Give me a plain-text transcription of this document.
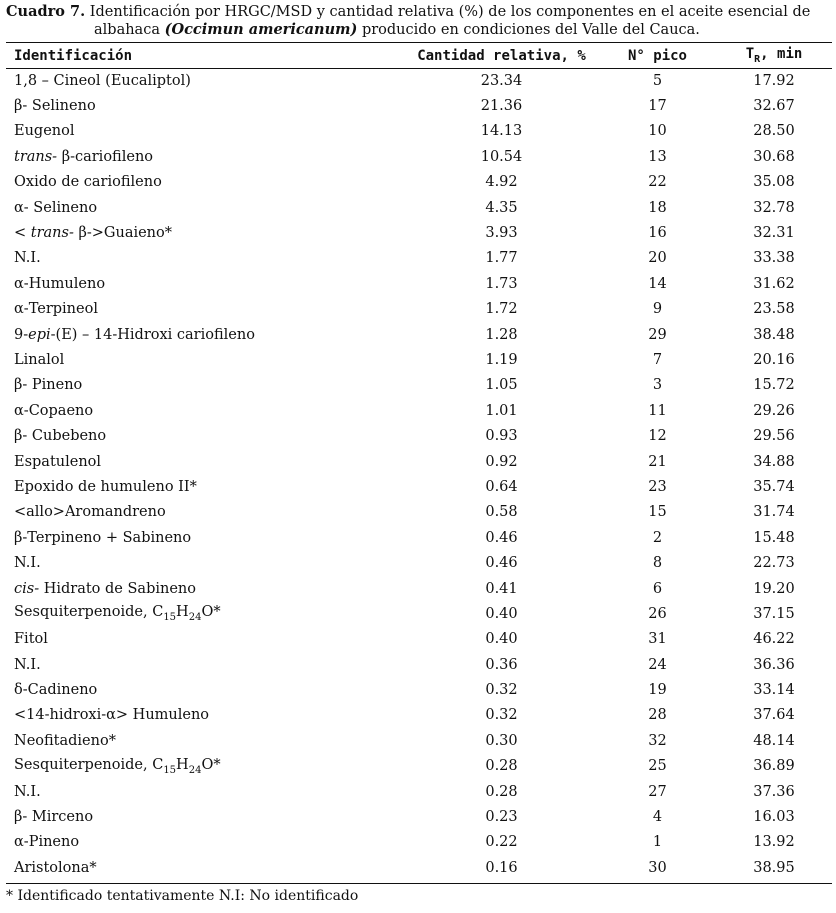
Cuadro 7. Identificación por HRGC/MSD y cantidad relativa (%) de los componentes en el aceite esencial de
albahaca (Occimun americanum) producido en condiciones del Valle del Cauca.
Identificación	Cantidad relativa, %	N° pico	$T_R$, min
1,8 – Cineol (Eucaliptol)	23.34	5	17.92
β- Selineno	21.36	17	32.67
Eugenol	14.13	10	28.50
trans- β-cariofileno	10.54	13	30.68
Oxido de cariofileno	4.92	22	35.08
α- Selineno	4.35	18	32.78
< trans- β->Guaieno*	3.93	16	32.31
N.I.	1.77	20	33.38
α-Humuleno	1.73	14	31.62
α-Terpineol	1.72	9	23.58
9-epi-(E) – 14-Hidroxi cariofileno	1.28	29	38.48
Linalol	1.19	7	20.16
β- Pineno	1.05	3	15.72
α-Copaeno	1.01	11	29.26
β- Cubebeno	0.93	12	29.56
Espatulenol	0.92	21	34.88
Epoxido de humuleno II*	0.64	23	35.74
<allo>Aromandreno	0.58	15	31.74
β-Terpineno + Sabineno	0.46	2	15.48
N.I.	0.46	8	22.73
cis- Hidrato de Sabineno	0.41	6	19.20
Sesquiterpenoide, $C_{15}H_{24}O*$	0.40	26	37.15
Fitol	0.40	31	46.22
N.I.	0.36	24	36.36
δ-Cadineno	0.32	19	33.14
<14-hidroxi-α> Humuleno	0.32	28	37.64
Neofitadieno*	0.30	32	48.14
Sesquiterpenoide, $C_{15}H_{24}O*$	0.28	25	36.89
N.I.	0.28	27	37.36
β- Mirceno	0.23	4	16.03
α-Pineno	0.22	1	13.92
Aristolona*	0.16	30	38.95
* Identificado tentativamente N.I: No identificado
